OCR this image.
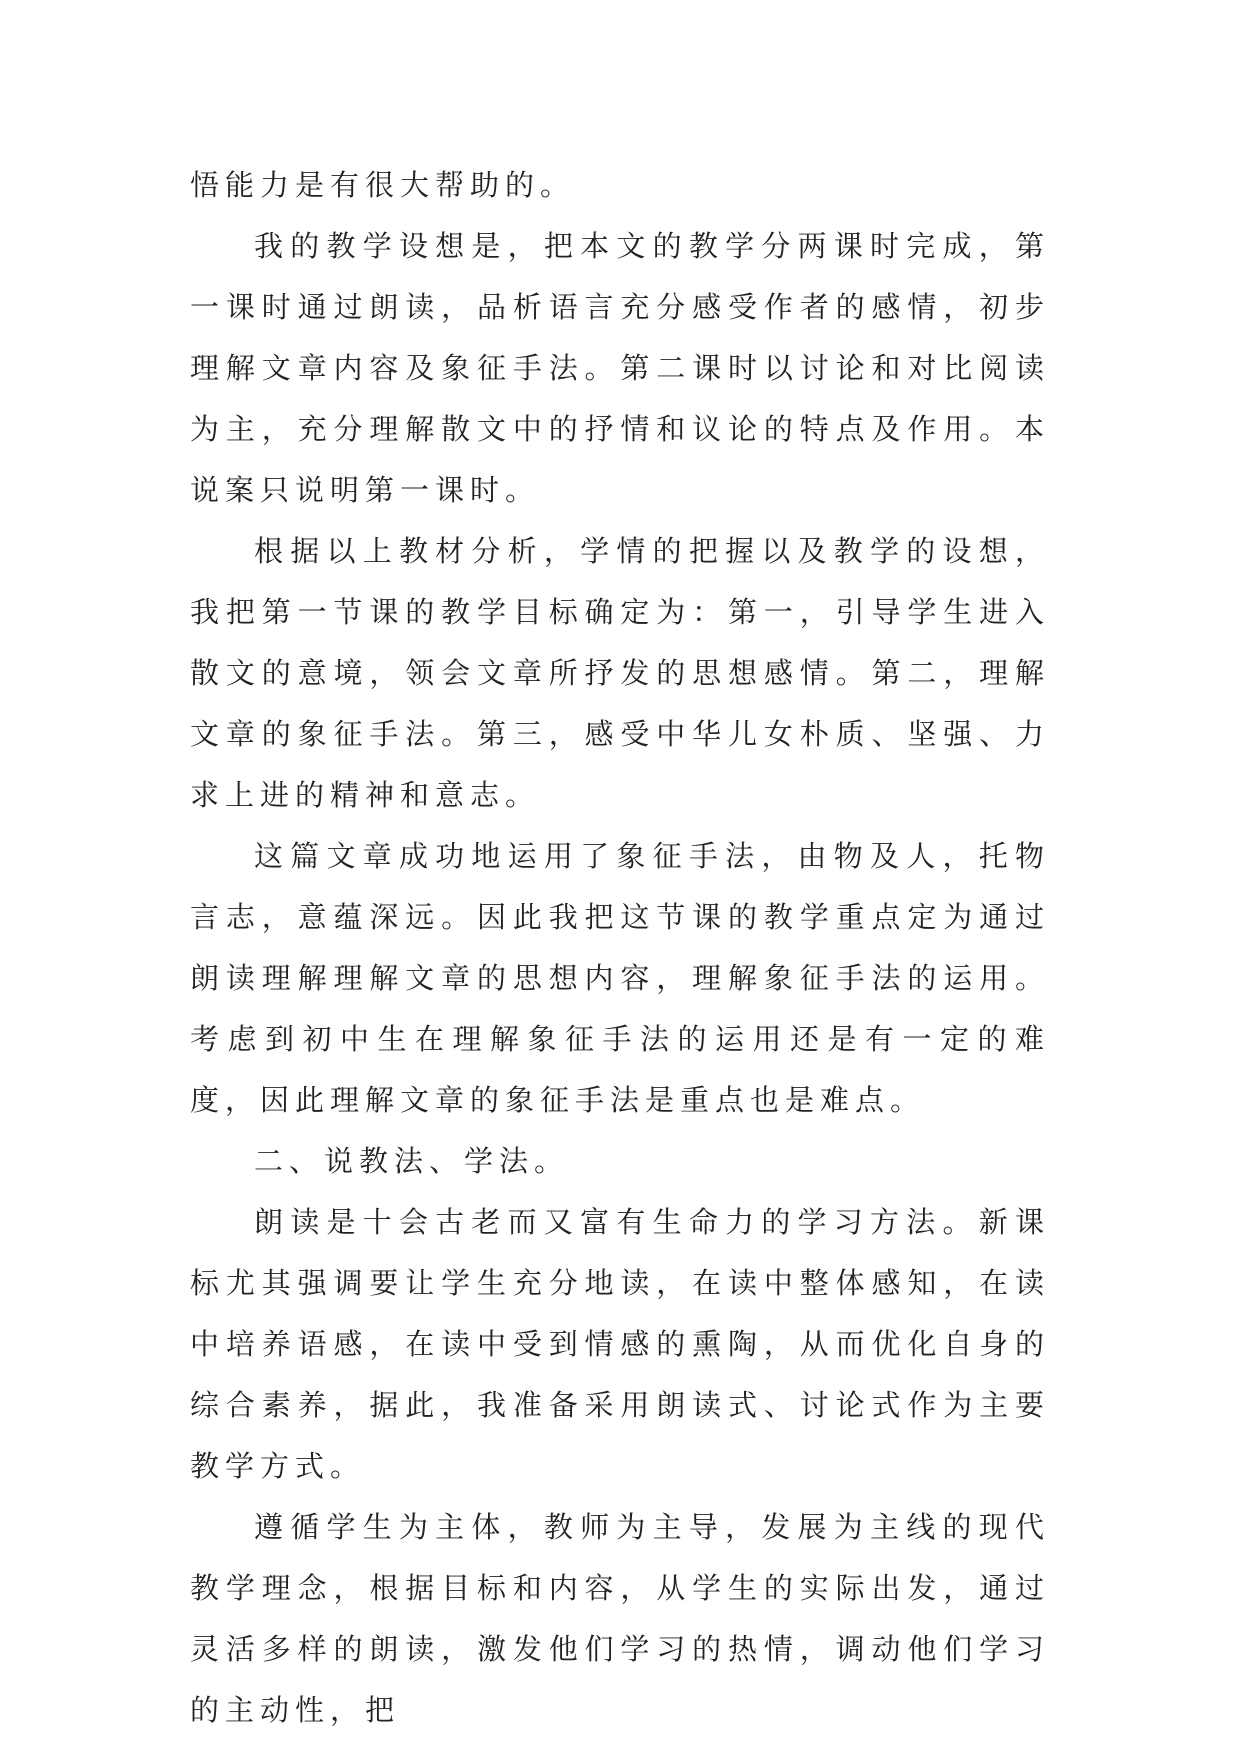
悟能力是有很大帮助的。

我的教学设想是，把本文的教学分两课时完成，第一课时通过朗读，品析语言充分感受作者的感情，初步理解文章内容及象征手法。第二课时以讨论和对比阅读为主，充分理解散文中的抒情和议论的特点及作用。本说案只说明第一课时。

根据以上教材分析，学情的把握以及教学的设想，我把第一节课的教学目标确定为：第一，引导学生进入散文的意境，领会文章所抒发的思想感情。第二，理解文章的象征手法。第三，感受中华儿女朴质、坚强、力求上进的精神和意志。

这篇文章成功地运用了象征手法，由物及人，托物言志，意蕴深远。因此我把这节课的教学重点定为通过朗读理解理解文章的思想内容，理解象征手法的运用。考虑到初中生在理解象征手法的运用还是有一定的难度，因此理解文章的象征手法是重点也是难点。

二、说教法、学法。

朗读是十会古老而又富有生命力的学习方法。新课标尤其强调要让学生充分地读，在读中整体感知，在读中培养语感，在读中受到情感的熏陶，从而优化自身的综合素养，据此，我准备采用朗读式、讨论式作为主要教学方式。

遵循学生为主体，教师为主导，发展为主线的现代教学理念，根据目标和内容，从学生的实际出发，通过灵活多样的朗读，激发他们学习的热情，调动他们学习的主动性，把
